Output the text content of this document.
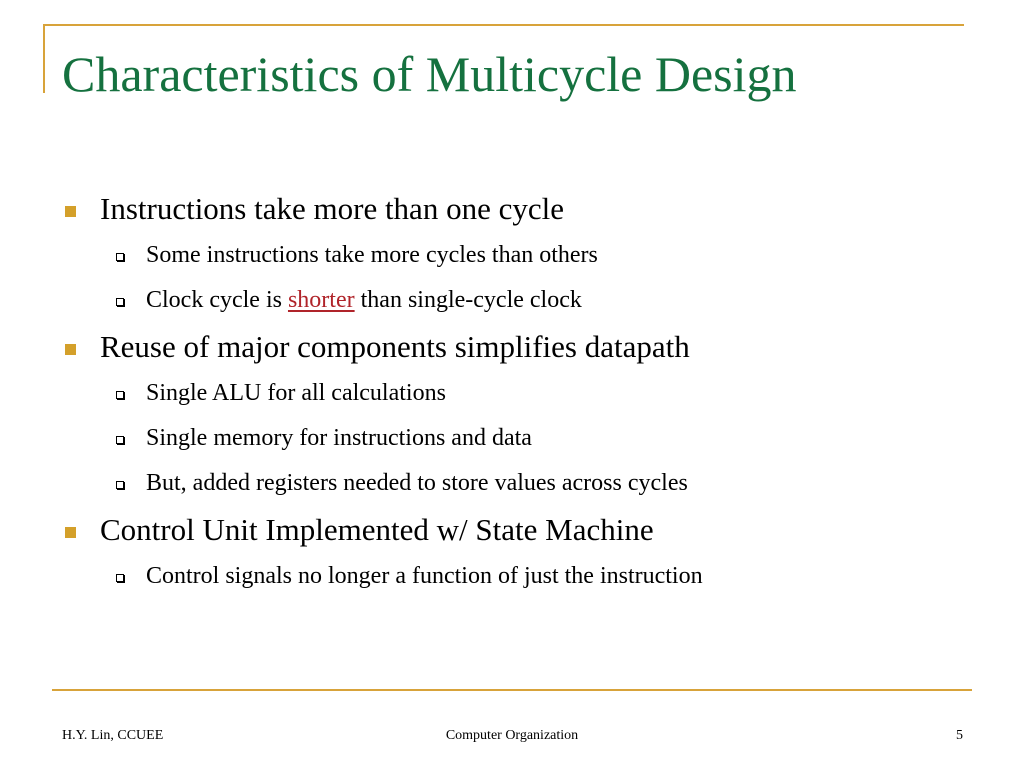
Characteristics of Multicycle Design
Instructions take more than one cycle
Some instructions take more cycles than others
Clock cycle is shorter than single-cycle clock
Reuse of major components simplifies datapath
Single ALU for all calculations
Single memory for instructions and data
But, added registers needed to store values across cycles
Control Unit Implemented w/ State Machine
Control signals no longer a function of just the instruction
Computer Organization
H.Y. Lin, CCUEE	5
